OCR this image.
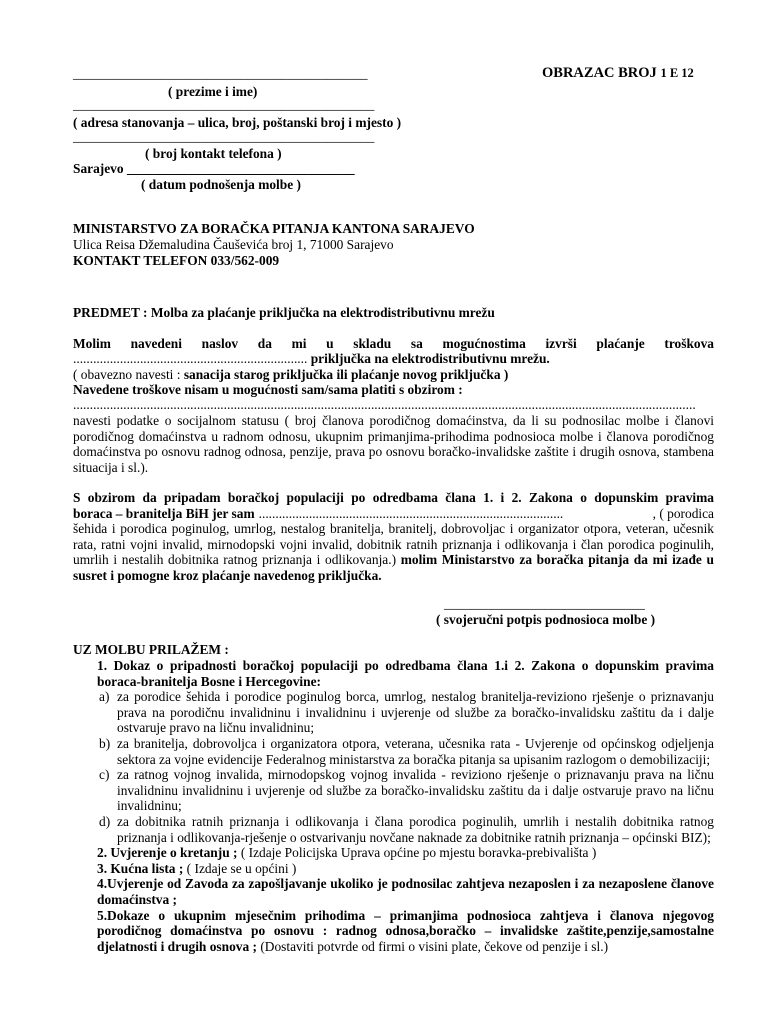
____________________________________________	OBRAZAC BROJ 1 E 12
( prezime i ime)
_____________________________________________
( adresa stanovanja – ulica, broj, poštanski broj i mjesto )
_____________________________________________
( broj kontakt telefona )
Sarajevo __________________________________
( datum podnošenja molbe )
MINISTARSTVO ZA BORAČKA PITANJA KANTONA SARAJEVO
Ulica Reisa Džemaludina Čauševića broj 1, 71000 Sarajevo
KONTAKT TELEFON 033/562-009
PREDMET : Molba za plaćanje priključka na elektrodistributivnu mrežu
Molim navedeni naslov da mi u skladu sa mogućnostima izvrši plaćanje troškova
...................................................................... priključka na elektrodistributivnu mrežu.
( obavezno navesti : sanacija starog priključka ili plaćanje novog priključka )
Navedene troškove nisam u mogućnosti sam/sama platiti s obzirom :
..........................................................................................................................................................................................
navesti podatke o socijalnom statusu ( broj članova porodičnog domaćinstva, da li su podnosilac molbe i članovi porodičnog domaćinstva u radnom odnosu, ukupnim primanjima-prihodima podnosioca molbe i članova porodičnog domaćinstva po osnovu radnog odnosa, penzije, prava po osnovu boračko-invalidske zaštite i drugih osnova, stambena situacija i sl.).
S obzirom da pripadam boračkoj populaciji po odredbama člana 1. i 2. Zakona o dopunskim pravima
boraca – branitelja BiH jer sam ...........................................................................................	, ( porodica
šehida i porodica poginulog, umrlog, nestalog branitelja, branitelj, dobrovoljac i organizator otpora, veteran, učesnik rata, ratni vojni invalid, mirnodopski vojni invalid, dobitnik ratnih priznanja i odlikovanja i član porodica poginulih, umrlih i nestalih dobitnika ratnog priznanja i odlikovanja.) molim Ministarstvo za boračka pitanja da mi izađe u susret i pomogne kroz plaćanje navedenog priključka.
______________________________
( svojeručni potpis podnosioca molbe )
UZ MOLBU PRILAŽEM :
1. Dokaz o pripadnosti boračkoj populaciji po odredbama člana 1.i 2. Zakona o dopunskim pravima boraca-branitelja Bosne i Hercegovine:
a) za porodice šehida i porodice poginulog borca, umrlog, nestalog branitelja-reviziono rješenje o priznavanju prava na porodičnu invalidninu i invalidninu i uvjerenje od službe za boračko-invalidsku zaštitu da i dalje ostvaruje pravo na ličnu invalidninu;
b) za branitelja, dobrovoljca i organizatora otpora, veterana, učesnika rata - Uvjerenje od općinskog odjeljenja sektora za vojne evidencije Federalnog ministarstva za boračka pitanja sa upisanim razlogom o demobilizaciji;
c) za ratnog vojnog invalida, mirnodopskog vojnog invalida - reviziono rješenje o priznavanju prava na ličnu invalidninu invalidninu i uvjerenje od službe za boračko-invalidsku zaštitu da i dalje ostvaruje pravo na ličnu invalidninu;
d) za dobitnika ratnih priznanja i odlikovanja i člana porodica poginulih, umrlih i nestalih dobitnika ratnog priznanja i odlikovanja-rješenje o ostvarivanju novčane naknade za dobitnike ratnih priznanja – općinski BIZ);
2. Uvjerenje o kretanju ; ( Izdaje Policijska Uprava općine po mjestu boravka-prebivališta )
3. Kućna lista ; ( Izdaje se u općini )
4.Uvjerenje od Zavoda za zapošljavanje ukoliko je podnosilac zahtjeva nezaposlen i za nezaposlene članove domaćinstva ;
5.Dokaze o ukupnim mjesečnim prihodima – primanjima podnosioca zahtjeva i članova njegovog porodičnog domaćinstva po osnovu : radnog odnosa,boračko – invalidske zaštite,penzije,samostalne djelatnosti i drugih osnova ; (Dostaviti potvrde od firmi o visini plate, čekove od penzije i sl.)
